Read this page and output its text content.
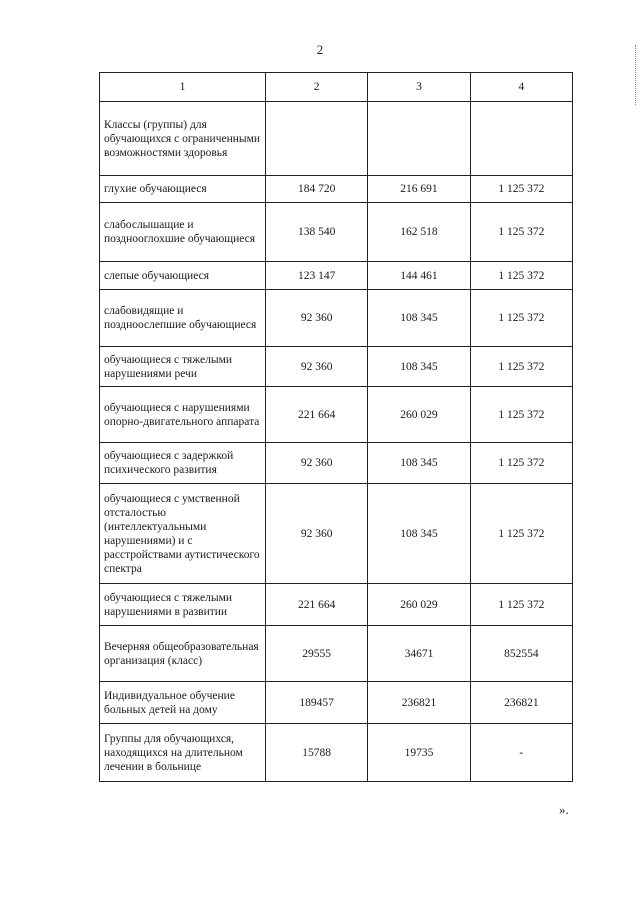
2
1	2	3	4
Классы (группы) для обучающихся с ограниченными возможностями здоровья			
глухие обучающиеся	184 720	216 691	1 125 372
слабослышащие и позднооглохшие обучающиеся	138 540	162 518	1 125 372
слепые обучающиеся	123 147	144 461	1 125 372
слабовидящие и поздноослепшие обучающиеся	92 360	108 345	1 125 372
обучающиеся с тяжелыми нарушениями речи	92 360	108 345	1 125 372
обучающиеся с нарушениями опорно-двигательного аппарата	221 664	260 029	1 125 372
обучающиеся с задержкой психического развития	92 360	108 345	1 125 372
обучающиеся с умственной отсталостью (интеллектуальными нарушениями) и с расстройствами аутистического спектра	92 360	108 345	1 125 372
обучающиеся с тяжелыми нарушениями в развитии	221 664	260 029	1 125 372
Вечерняя общеобразовательная организация (класс)	29555	34671	852554
Индивидуальное обучение больных детей на дому	189457	236821	236821
Группы для обучающихся, находящихся на длительном лечении в больнице	15788	19735	-
».
